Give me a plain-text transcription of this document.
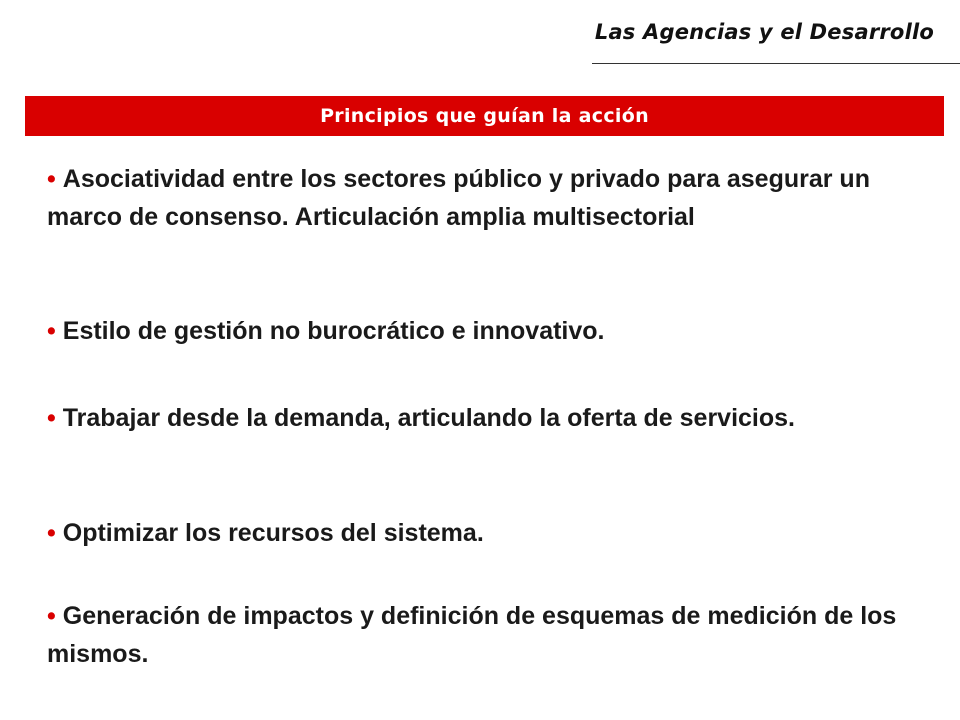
Las Agencias y el Desarrollo
Principios que guían la acción
• Asociatividad entre los sectores público y privado para asegurar un marco de consenso. Articulación amplia multisectorial
• Estilo de gestión no burocrático e innovativo.
• Trabajar desde la demanda, articulando la oferta de servicios.
• Optimizar los recursos del sistema.
• Generación de impactos y definición de esquemas de medición de los mismos.
